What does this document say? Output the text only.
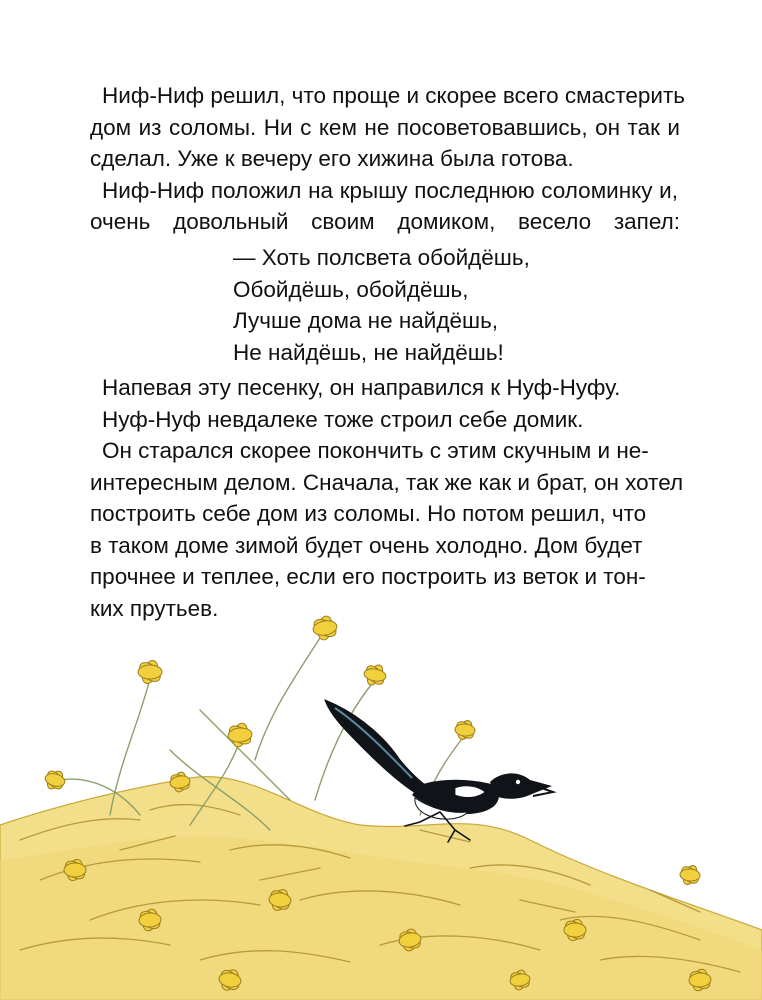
Ниф-Ниф решил, что проще и скорее всего смастерить
дом из соломы. Ни с кем не посоветовавшись, он так и
сделал. Уже к вечеру его хижина была готова.
Ниф-Ниф положил на крышу последнюю соломинку и,
очень довольный своим домиком, весело запел:
— Хоть полсвета обойдёшь,
Обойдёшь, обойдёшь,
Лучше дома не найдёшь,
Не найдёшь, не найдёшь!
Напевая эту песенку, он направился к Нуф-Нуфу.
Нуф-Нуф невдалеке тоже строил себе домик.
Он старался скорее покончить с этим скучным и не-
интересным делом. Сначала, так же как и брат, он хотел
построить себе дом из соломы. Но потом решил, что
в таком доме зимой будет очень холодно. Дом будет
прочнее и теплее, если его построить из веток и тон-
ких прутьев.
